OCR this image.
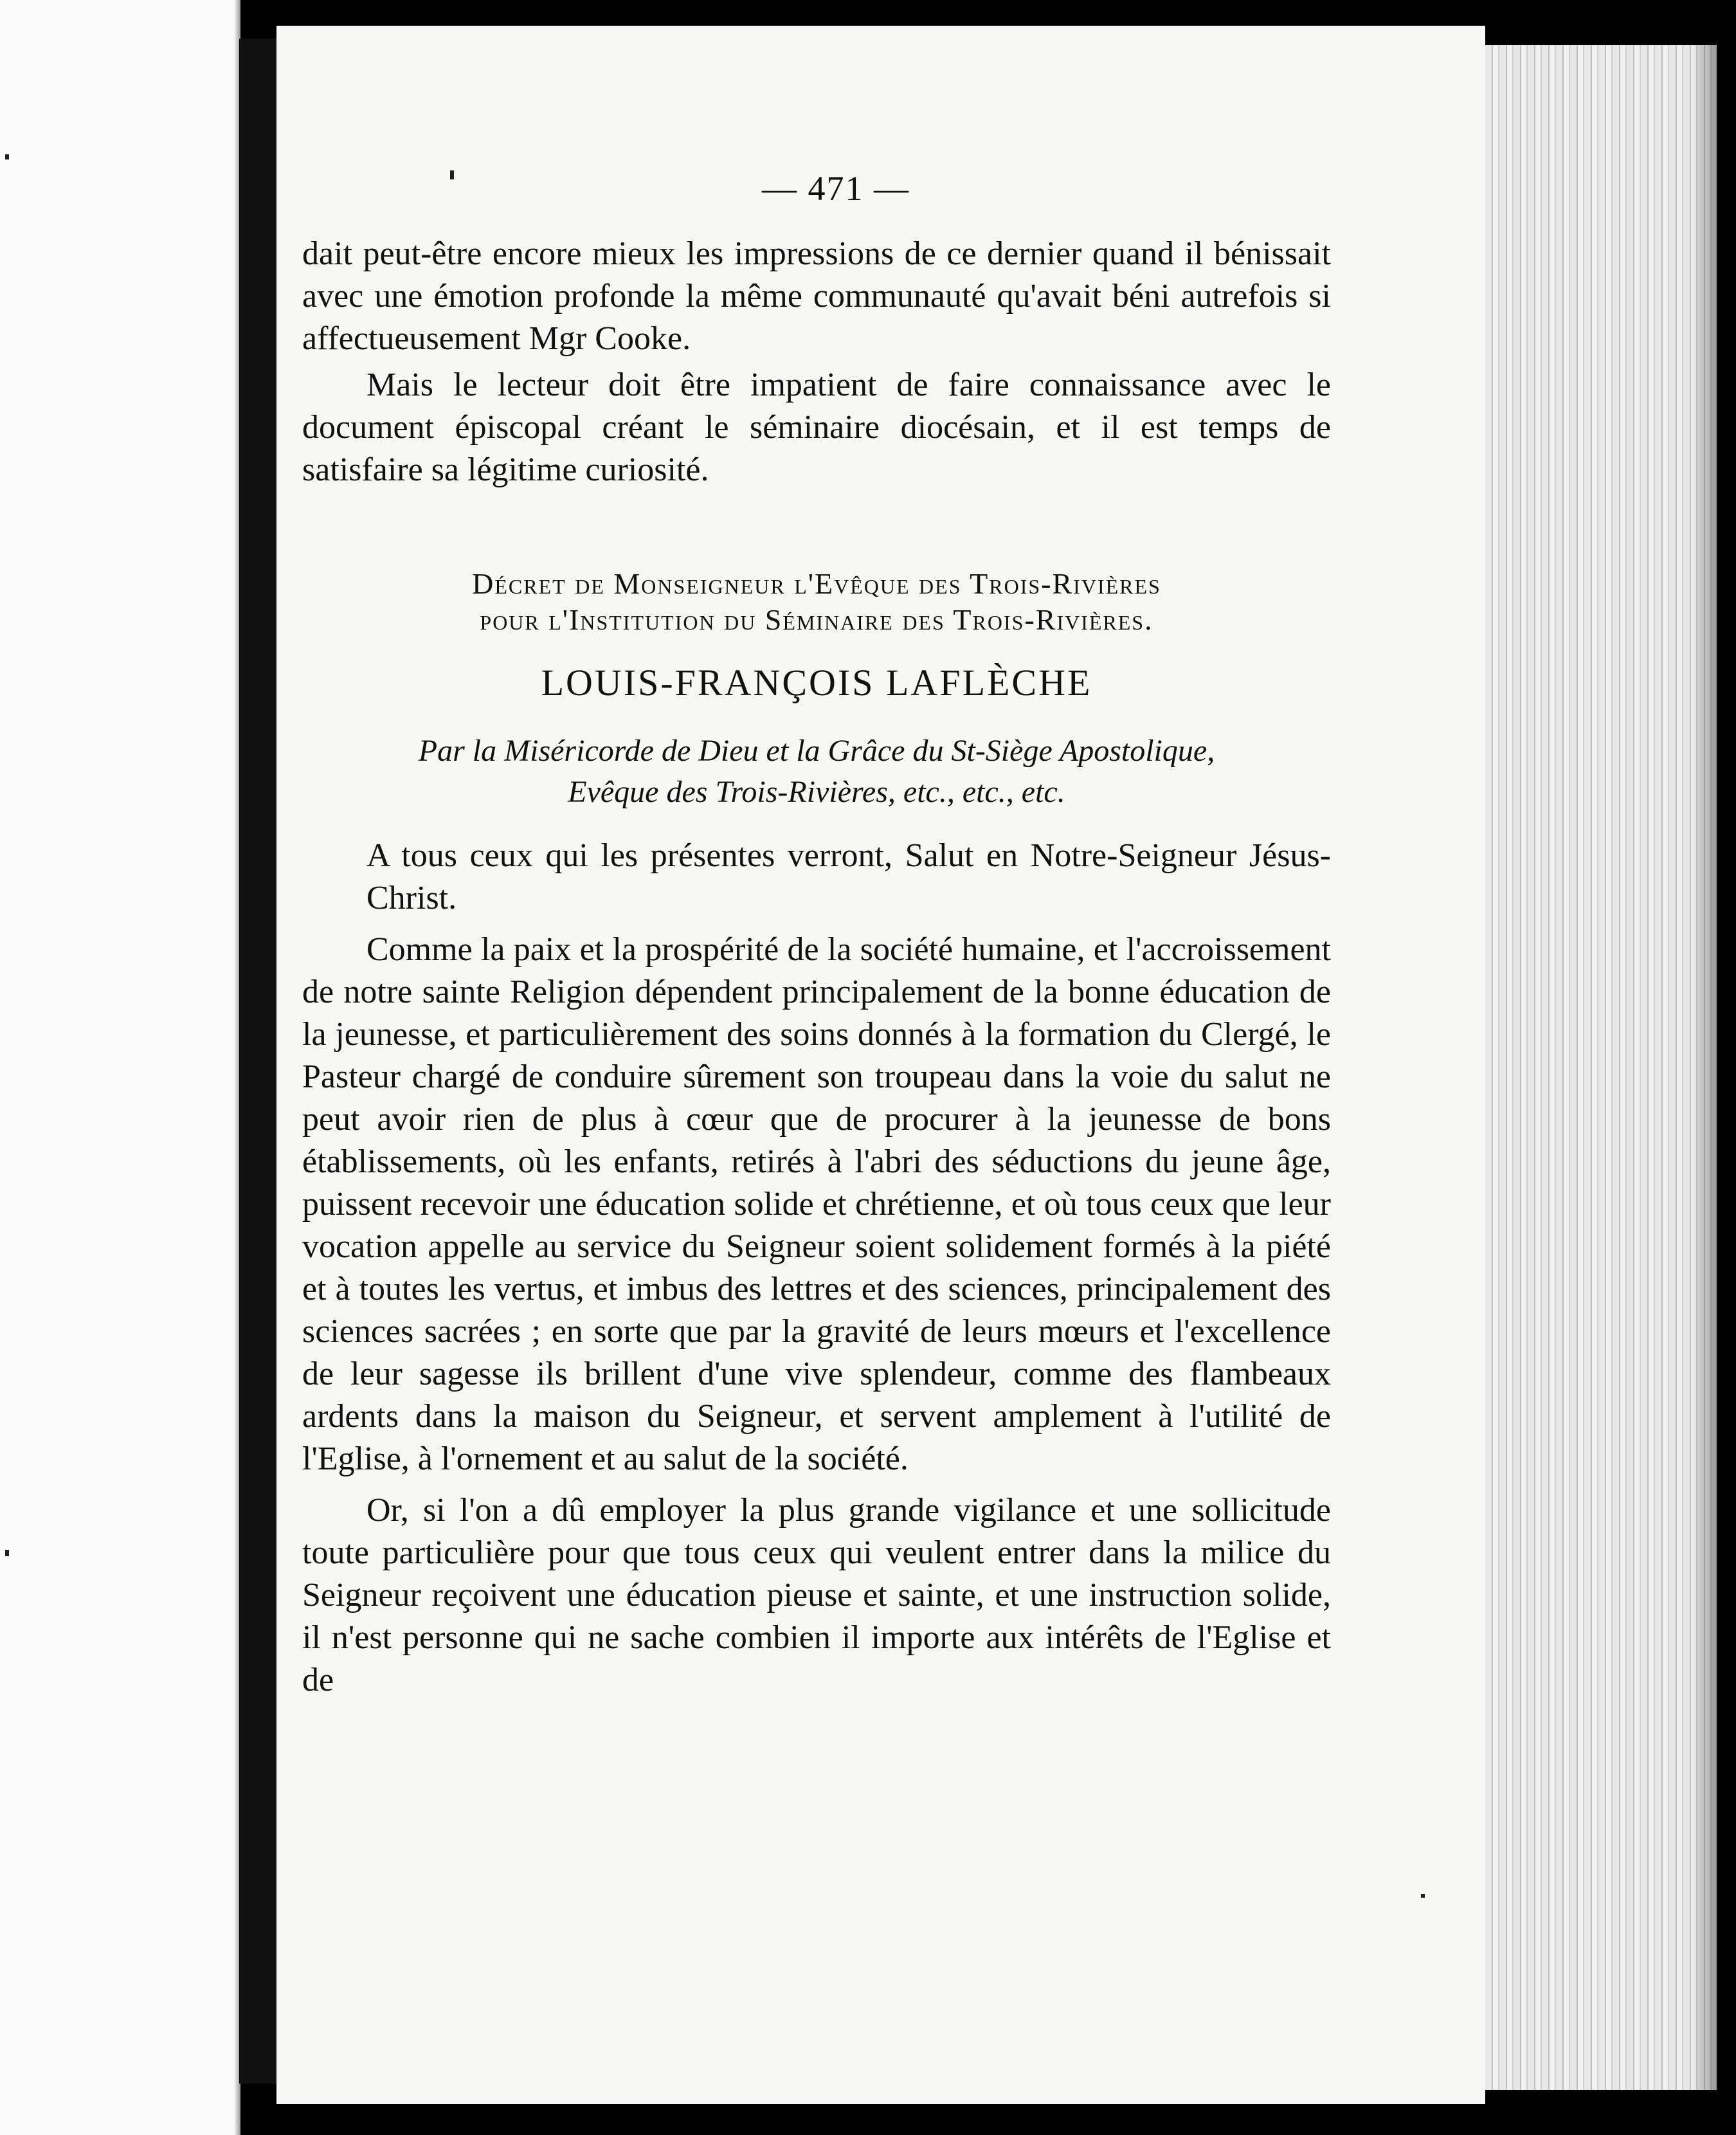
— 471 —

dait peut-être encore mieux les impressions de ce dernier quand il bénissait avec une émotion profonde la même communauté qu'avait béni autrefois si affectueusement Mgr Cooke.

Mais le lecteur doit être impatient de faire connaissance avec le document épiscopal créant le séminaire diocésain, et il est temps de satisfaire sa légitime curiosité.

Décret de Monseigneur l'Evêque des Trois-Rivières
pour l'Institution du Séminaire des Trois-Rivières.
LOUIS-FRANÇOIS LAFLÈCHE
Par la Miséricorde de Dieu et la Grâce du St-Siège Apostolique,
Evêque des Trois-Rivières, etc., etc., etc.

A tous ceux qui les présentes verront, Salut en Notre-Seigneur Jésus-Christ.

Comme la paix et la prospérité de la société humaine, et l'accroissement de notre sainte Religion dépendent principalement de la bonne éducation de la jeunesse, et particulièrement des soins donnés à la formation du Clergé, le Pasteur chargé de conduire sûrement son troupeau dans la voie du salut ne peut avoir rien de plus à cœur que de procurer à la jeunesse de bons établissements, où les enfants, retirés à l'abri des séductions du jeune âge, puissent recevoir une éducation solide et chrétienne, et où tous ceux que leur vocation appelle au service du Seigneur soient solidement formés à la piété et à toutes les vertus, et imbus des lettres et des sciences, principalement des sciences sacrées ; en sorte que par la gravité de leurs mœurs et l'excellence de leur sagesse ils brillent d'une vive splendeur, comme des flambeaux ardents dans la maison du Seigneur, et servent amplement à l'utilité de l'Eglise, à l'ornement et au salut de la société.

Or, si l'on a dû employer la plus grande vigilance et une sollicitude toute particulière pour que tous ceux qui veulent entrer dans la milice du Seigneur reçoivent une éducation pieuse et sainte, et une instruction solide, il n'est personne qui ne sache combien il importe aux intérêts de l'Eglise et de
